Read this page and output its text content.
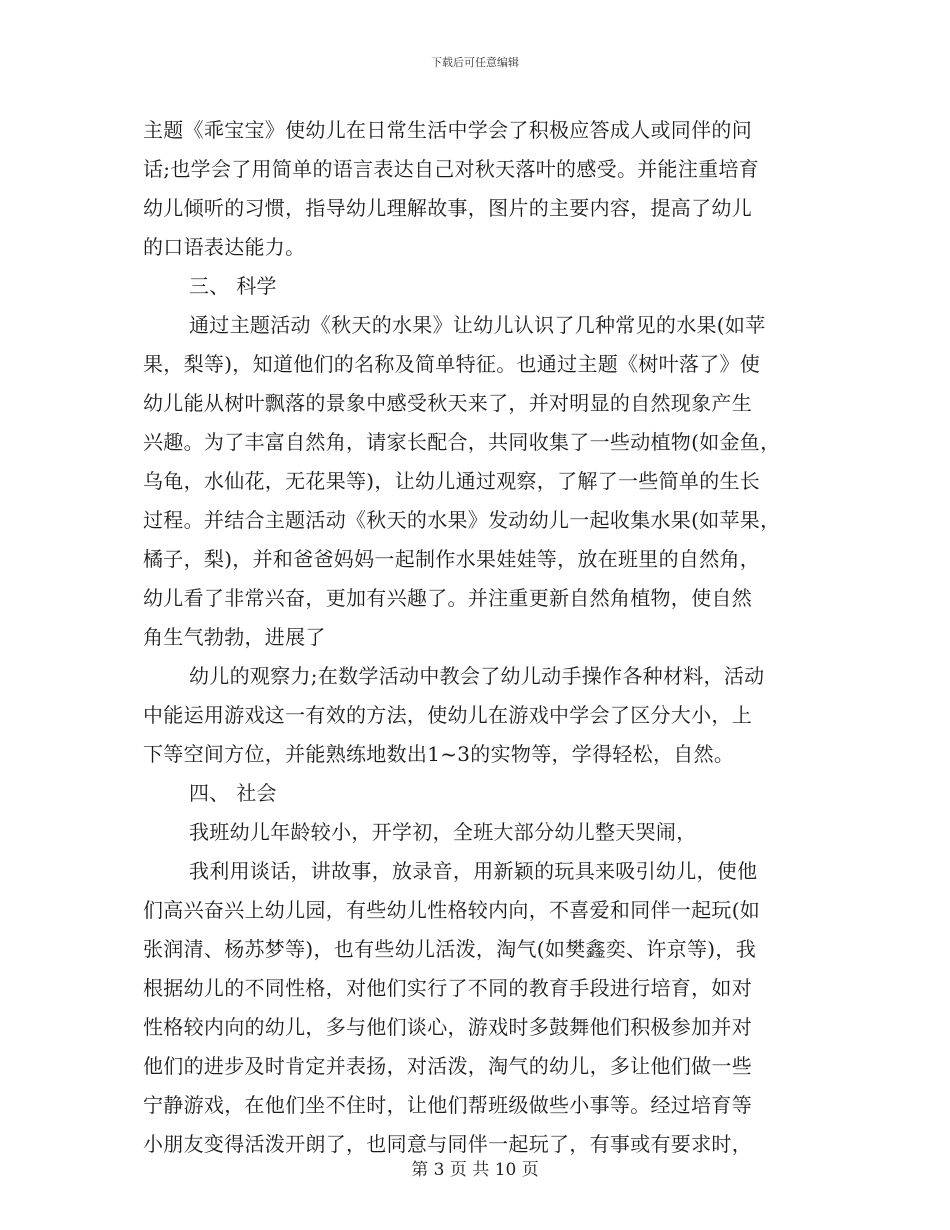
下载后可任意编辑
主题《乖宝宝》使幼儿在日常生活中学会了积极应答成人或同伴的问
话;也学会了用简单的语言表达自己对秋天落叶的感受。并能注重培育
幼儿倾听的习惯，指导幼儿理解故事，图片的主要内容，提高了幼儿
的口语表达能力。
三、 科学
通过主题活动《秋天的水果》让幼儿认识了几种常见的水果(如苹
果，梨等)，知道他们的名称及简单特征。也通过主题《树叶落了》使
幼儿能从树叶飘落的景象中感受秋天来了，并对明显的自然现象产生
兴趣。为了丰富自然角，请家长配合，共同收集了一些动植物(如金鱼，
乌龟，水仙花，无花果等)，让幼儿通过观察，了解了一些简单的生长
过程。并结合主题活动《秋天的水果》发动幼儿一起收集水果(如苹果，
橘子，梨)，并和爸爸妈妈一起制作水果娃娃等，放在班里的自然角，
幼儿看了非常兴奋，更加有兴趣了。并注重更新自然角植物，使自然
角生气勃勃，进展了
幼儿的观察力;在数学活动中教会了幼儿动手操作各种材料，活动
中能运用游戏这一有效的方法，使幼儿在游戏中学会了区分大小，上
下等空间方位，并能熟练地数出1~3的实物等，学得轻松，自然。
四、 社会
我班幼儿年龄较小，开学初，全班大部分幼儿整天哭闹，
我利用谈话，讲故事，放录音，用新颖的玩具来吸引幼儿，使他
们高兴奋兴上幼儿园，有些幼儿性格较内向，不喜爱和同伴一起玩(如
张润清、杨苏梦等)，也有些幼儿活泼，淘气(如樊鑫奕、许京等)，我
根据幼儿的不同性格，对他们实行了不同的教育手段进行培育，如对
性格较内向的幼儿，多与他们谈心，游戏时多鼓舞他们积极参加并对
他们的进步及时肯定并表扬，对活泼，淘气的幼儿，多让他们做一些
宁静游戏，在他们坐不住时，让他们帮班级做些小事等。经过培育等
小朋友变得活泼开朗了，也同意与同伴一起玩了，有事或有要求时，
第 3 页 共 10 页
